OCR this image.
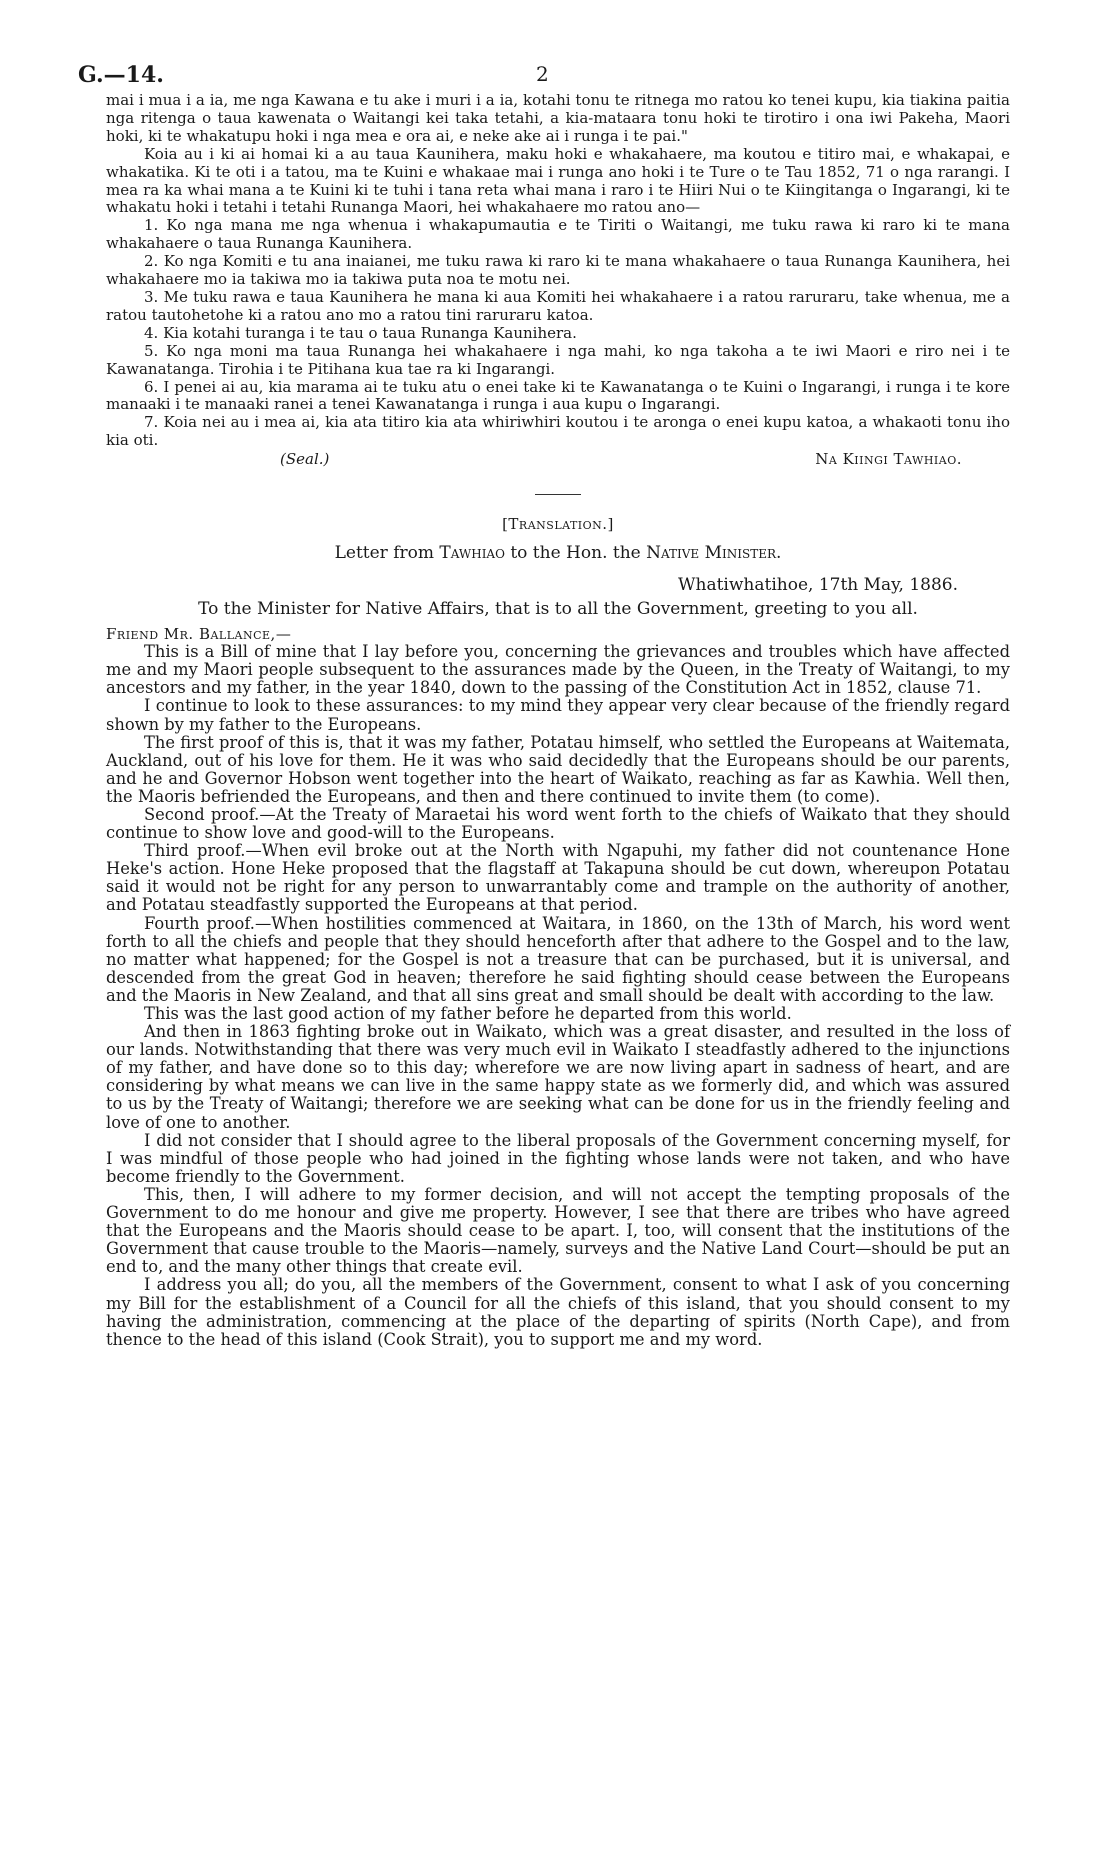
G.—14.	2

mai i mua i a ia, me nga Kawana e tu ake i muri i a ia, kotahi tonu te ritnega mo ratou ko tenei kupu, kia tiakina paitia nga ritenga o taua kawenata o Waitangi kei taka tetahi, a kia-mataara tonu hoki te tirotiro i ona iwi Pakeha, Maori hoki, ki te whakatupu hoki i nga mea e ora ai, e neke ake ai i runga i te pai."

Koia au i ki ai homai ki a au taua Kaunihera, maku hoki e whakahaere, ma koutou e titiro mai, e whakapai, e whakatika. Ki te oti i a tatou, ma te Kuini e whakaae mai i runga ano hoki i te Ture o te Tau 1852, 71 o nga rarangi. I mea ra ka whai mana a te Kuini ki te tuhi i tana reta whai mana i raro i te Hiiri Nui o te Kiingitanga o Ingarangi, ki te whakatu hoki i tetahi i tetahi Runanga Maori, hei whakahaere mo ratou ano—

1. Ko nga mana me nga whenua i whakapumautia e te Tiriti o Waitangi, me tuku rawa ki raro ki te mana whakahaere o taua Runanga Kaunihera.

2. Ko nga Komiti e tu ana inaianei, me tuku rawa ki raro ki te mana whakahaere o taua Runanga Kaunihera, hei whakahaere mo ia takiwa mo ia takiwa puta noa te motu nei.

3. Me tuku rawa e taua Kaunihera he mana ki aua Komiti hei whakahaere i a ratou raruraru, take whenua, me a ratou tautohetohe ki a ratou ano mo a ratou tini raruraru katoa.

4. Kia kotahi turanga i te tau o taua Runanga Kaunihera.

5. Ko nga moni ma taua Runanga hei whakahaere i nga mahi, ko nga takoha a te iwi Maori e riro nei i te Kawanatanga. Tirohia i te Pitihana kua tae ra ki Ingarangi.

6. I penei ai au, kia marama ai te tuku atu o enei take ki te Kawanatanga o te Kuini o Ingarangi, i runga i te kore manaaki i te manaaki ranei a tenei Kawanatanga i runga i aua kupu o Ingarangi.

7. Koia nei au i mea ai, kia ata titiro kia ata whiriwhiri koutou i te aronga o enei kupu katoa, a whakaoti tonu iho kia oti.

(Seal.)	Na Kiingi Tawhiao.
[Translation.]
Letter from Tawhiao to the Hon. the Native Minister.
Whatiwhatihoe, 17th May, 1886.
To the Minister for Native Affairs, that is to all the Government, greeting to you all.
Friend Mr. Ballance,—

This is a Bill of mine that I lay before you, concerning the grievances and troubles which have affected me and my Maori people subsequent to the assurances made by the Queen, in the Treaty of Waitangi, to my ancestors and my father, in the year 1840, down to the passing of the Constitution Act in 1852, clause 71.

I continue to look to these assurances: to my mind they appear very clear because of the friendly regard shown by my father to the Europeans.

The first proof of this is, that it was my father, Potatau himself, who settled the Europeans at Waitemata, Auckland, out of his love for them. He it was who said decidedly that the Europeans should be our parents, and he and Governor Hobson went together into the heart of Waikato, reaching as far as Kawhia. Well then, the Maoris befriended the Europeans, and then and there continued to invite them (to come).

Second proof.—At the Treaty of Maraetai his word went forth to the chiefs of Waikato that they should continue to show love and good-will to the Europeans.

Third proof.—When evil broke out at the North with Ngapuhi, my father did not countenance Hone Heke's action. Hone Heke proposed that the flagstaff at Takapuna should be cut down, whereupon Potatau said it would not be right for any person to unwarrantably come and trample on the authority of another, and Potatau steadfastly supported the Europeans at that period.

Fourth proof.—When hostilities commenced at Waitara, in 1860, on the 13th of March, his word went forth to all the chiefs and people that they should henceforth after that adhere to the Gospel and to the law, no matter what happened; for the Gospel is not a treasure that can be purchased, but it is universal, and descended from the great God in heaven; therefore he said fighting should cease between the Europeans and the Maoris in New Zealand, and that all sins great and small should be dealt with according to the law.

This was the last good action of my father before he departed from this world.

And then in 1863 fighting broke out in Waikato, which was a great disaster, and resulted in the loss of our lands. Notwithstanding that there was very much evil in Waikato I steadfastly adhered to the injunctions of my father, and have done so to this day; wherefore we are now living apart in sadness of heart, and are considering by what means we can live in the same happy state as we formerly did, and which was assured to us by the Treaty of Waitangi; therefore we are seeking what can be done for us in the friendly feeling and love of one to another.

I did not consider that I should agree to the liberal proposals of the Government concerning myself, for I was mindful of those people who had joined in the fighting whose lands were not taken, and who have become friendly to the Government.

This, then, I will adhere to my former decision, and will not accept the tempting proposals of the Government to do me honour and give me property. However, I see that there are tribes who have agreed that the Europeans and the Maoris should cease to be apart. I, too, will consent that the institutions of the Government that cause trouble to the Maoris—namely, surveys and the Native Land Court—should be put an end to, and the many other things that create evil.

I address you all; do you, all the members of the Government, consent to what I ask of you concerning my Bill for the establishment of a Council for all the chiefs of this island, that you should consent to my having the administration, commencing at the place of the departing of spirits (North Cape), and from thence to the head of this island (Cook Strait), you to support me and my word.
